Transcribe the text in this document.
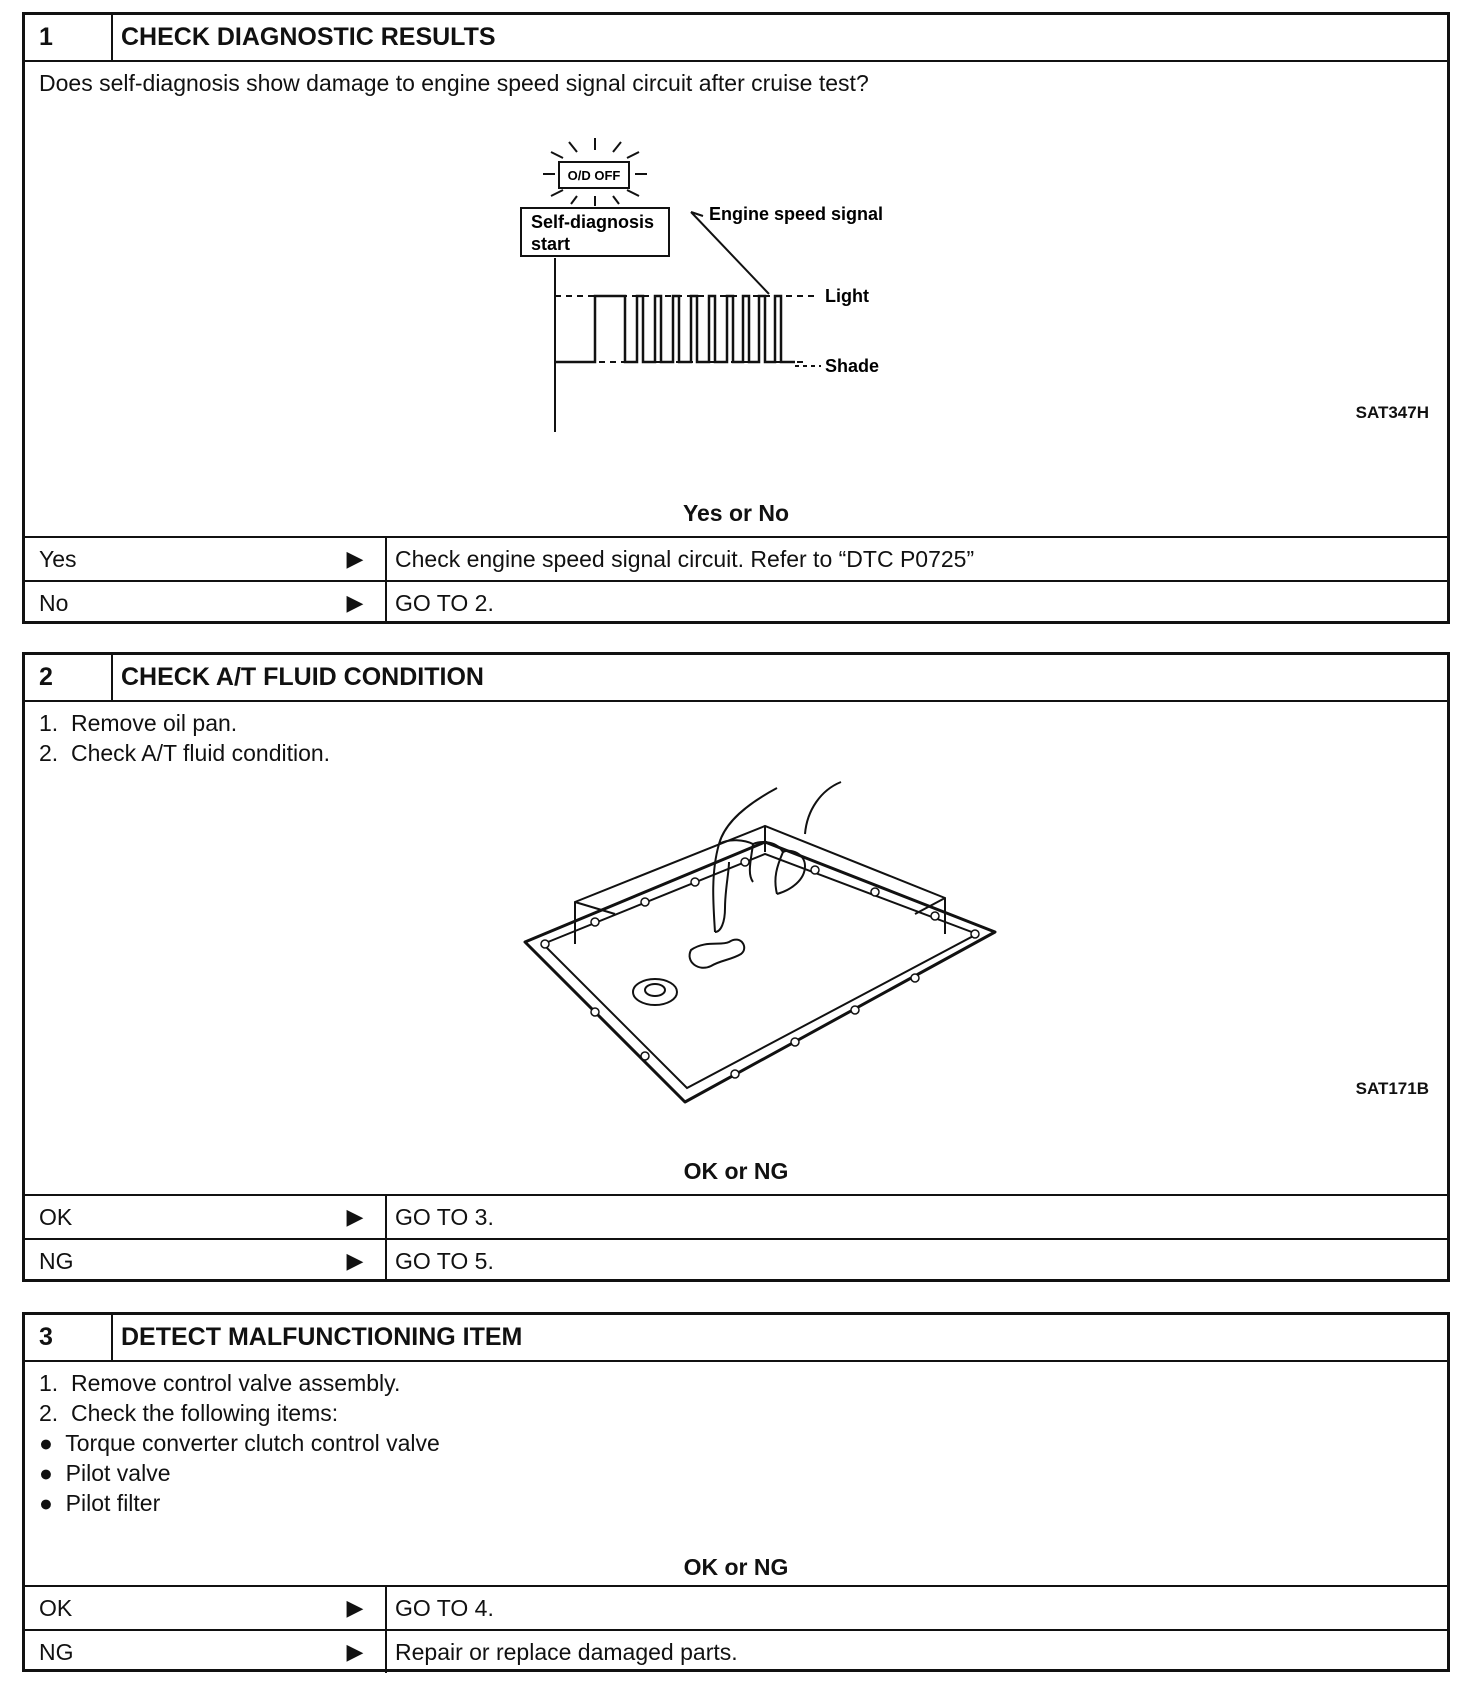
1	CHECK DIAGNOSTIC RESULTS
Does self-diagnosis show damage to engine speed signal circuit after cruise test?
O/D OFF
Self-diagnosis
start
Engine speed signal
Light
Shade
SAT347H
Yes or No
Yes	▶	Check engine speed signal circuit. Refer to “DTC P0725”
No	▶	GO TO 2.
2	CHECK A/T FLUID CONDITION
1.  Remove oil pan.
2.  Check A/T fluid condition.
SAT171B
OK or NG
OK	▶	GO TO 3.
NG	▶	GO TO 5.
3	DETECT MALFUNCTIONING ITEM
1.  Remove control valve assembly.
2.  Check the following items:
●  Torque converter clutch control valve
●  Pilot valve
●  Pilot filter
OK or NG
OK	▶	GO TO 4.
NG	▶	Repair or replace damaged parts.
